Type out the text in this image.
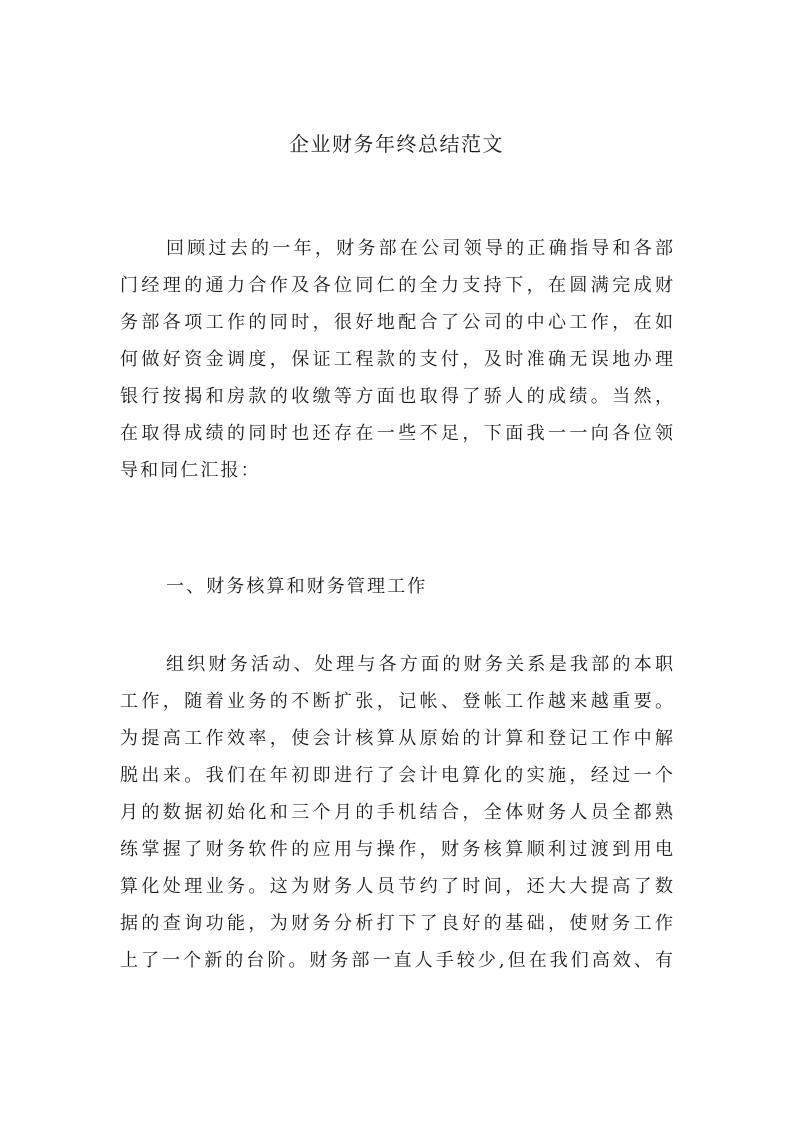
企业财务年终总结范文
回顾过去的一年，财务部在公司领导的正确指导和各部
门经理的通力合作及各位同仁的全力支持下，在圆满完成财
务部各项工作的同时，很好地配合了公司的中心工作，在如
何做好资金调度，保证工程款的支付，及时准确无误地办理
银行按揭和房款的收缴等方面也取得了骄人的成绩。当然，
在取得成绩的同时也还存在一些不足，下面我一一向各位领
导和同仁汇报：
一、财务核算和财务管理工作
组织财务活动、处理与各方面的财务关系是我部的本职
工作，随着业务的不断扩张，记帐、登帐工作越来越重要。
为提高工作效率，使会计核算从原始的计算和登记工作中解
脱出来。我们在年初即进行了会计电算化的实施，经过一个
月的数据初始化和三个月的手机结合，全体财务人员全都熟
练掌握了财务软件的应用与操作，财务核算顺利过渡到用电
算化处理业务。这为财务人员节约了时间，还大大提高了数
据的查询功能，为财务分析打下了良好的基础，使财务工作
上了一个新的台阶。财务部一直人手较少,但在我们高效、有
